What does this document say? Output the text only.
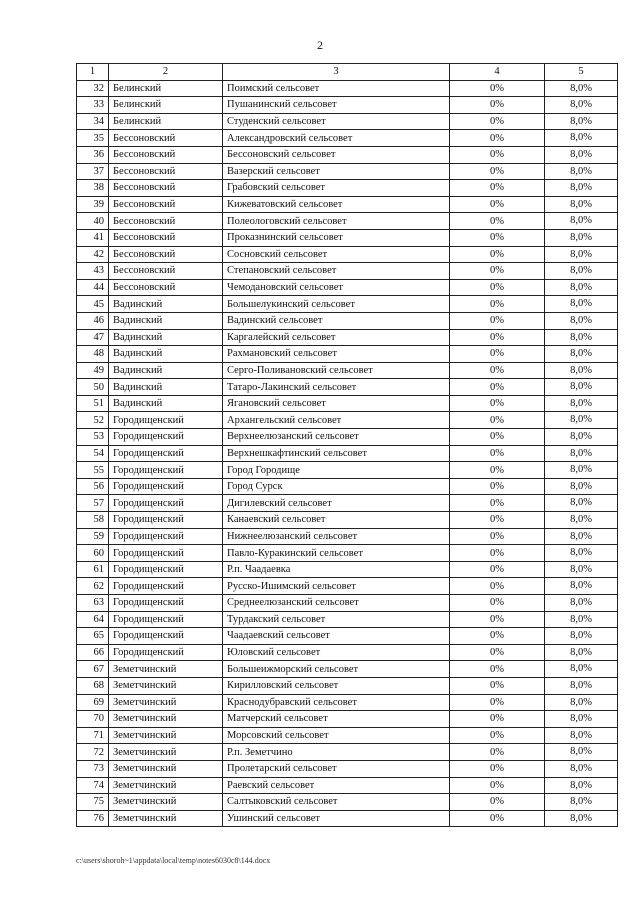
2
1	2	3	4	5
32	Белинский	Поимский сельсовет	0%	8,0%
33	Белинский	Пушанинский сельсовет	0%	8,0%
34	Белинский	Студенский сельсовет	0%	8,0%
35	Бессоновский	Александровский сельсовет	0%	8,0%
36	Бессоновский	Бессоновский сельсовет	0%	8,0%
37	Бессоновский	Вазерский сельсовет	0%	8,0%
38	Бессоновский	Грабовский сельсовет	0%	8,0%
39	Бессоновский	Кижеватовский сельсовет	0%	8,0%
40	Бессоновский	Полеологовский сельсовет	0%	8,0%
41	Бессоновский	Проказнинский сельсовет	0%	8,0%
42	Бессоновский	Сосновский сельсовет	0%	8,0%
43	Бессоновский	Степановский сельсовет	0%	8,0%
44	Бессоновский	Чемодановский сельсовет	0%	8,0%
45	Вадинский	Большелукинский сельсовет	0%	8,0%
46	Вадинский	Вадинский сельсовет	0%	8,0%
47	Вадинский	Каргалейский сельсовет	0%	8,0%
48	Вадинский	Рахмановский сельсовет	0%	8,0%
49	Вадинский	Серго-Поливановский сельсовет	0%	8,0%
50	Вадинский	Татаро-Лакинский сельсовет	0%	8,0%
51	Вадинский	Ягановский сельсовет	0%	8,0%
52	Городищенский	Архангельский сельсовет	0%	8,0%
53	Городищенский	Верхнеелюзанский сельсовет	0%	8,0%
54	Городищенский	Верхнешкафтинский сельсовет	0%	8,0%
55	Городищенский	Город Городище	0%	8,0%
56	Городищенский	Город Сурск	0%	8,0%
57	Городищенский	Дигилевский сельсовет	0%	8,0%
58	Городищенский	Канаевский сельсовет	0%	8,0%
59	Городищенский	Нижнеелюзанский сельсовет	0%	8,0%
60	Городищенский	Павло-Куракинский сельсовет	0%	8,0%
61	Городищенский	Р.п. Чаадаевка	0%	8,0%
62	Городищенский	Русско-Ишимский сельсовет	0%	8,0%
63	Городищенский	Среднеелюзанский сельсовет	0%	8,0%
64	Городищенский	Турдакский сельсовет	0%	8,0%
65	Городищенский	Чаадаевский сельсовет	0%	8,0%
66	Городищенский	Юловский сельсовет	0%	8,0%
67	Земетчинский	Большеижморский сельсовет	0%	8,0%
68	Земетчинский	Кирилловский сельсовет	0%	8,0%
69	Земетчинский	Краснодубравский сельсовет	0%	8,0%
70	Земетчинский	Матчерский сельсовет	0%	8,0%
71	Земетчинский	Морсовский сельсовет	0%	8,0%
72	Земетчинский	Р.п. Земетчино	0%	8,0%
73	Земетчинский	Пролетарский сельсовет	0%	8,0%
74	Земетчинский	Раевский сельсовет	0%	8,0%
75	Земетчинский	Салтыковский сельсовет	0%	8,0%
76	Земетчинский	Ушинский сельсовет	0%	8,0%
c:\users\shoroh~1\appdata\local\temp\notes6030c8\144.docx
